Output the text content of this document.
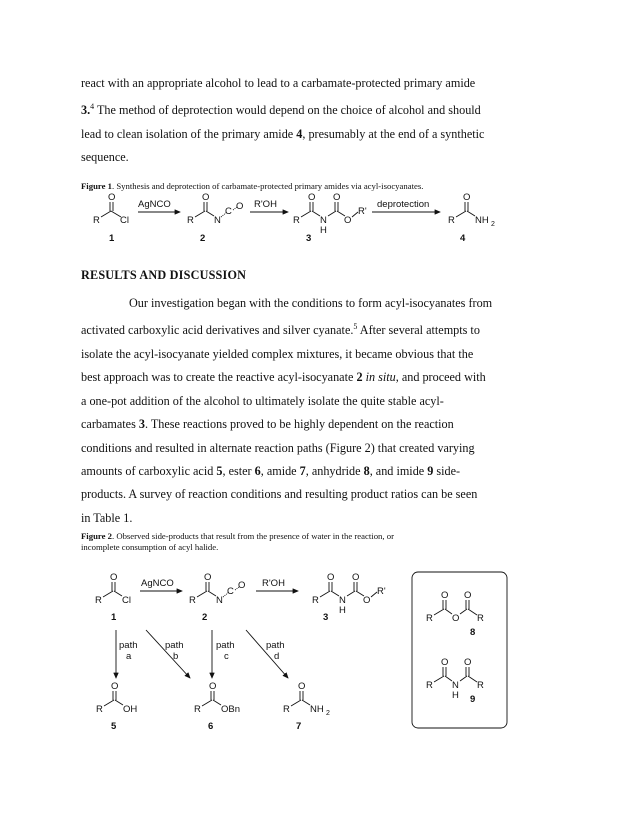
react with an appropriate alcohol to lead to a carbamate-protected primary amide
3.$^4$ The method of deprotection would depend on the choice of alcohol and should
lead to clean isolation of the primary amide 4, presumably at the end of a synthetic
sequence.
Figure 1. Synthesis and deprotection of carbamate-protected primary amides via acyl-isocyanates.
R
O
Cl
1
AgNCO
R
O
N
C O
2
R'OH
R
O
N
H
O
O
R'
3
deprotection
R
O
NH 2
4
RESULTS AND DISCUSSION
Our investigation began with the conditions to form acyl-isocyanates from
activated carboxylic acid derivatives and silver cyanate.$^5$ After several attempts to
isolate the acyl-isocyanate yielded complex mixtures, it became obvious that the
best approach was to create the reactive acyl-isocyanate 2 in situ, and proceed with
a one-pot addition of the alcohol to ultimately isolate the quite stable acyl-
carbamates 3. These reactions proved to be highly dependent on the reaction
conditions and resulted in alternate reaction paths (Figure 2) that created varying
amounts of carboxylic acid 5, ester 6, amide 7, anhydride 8, and imide 9 side-
products. A survey of reaction conditions and resulting product ratios can be seen
in Table 1.
Figure 2. Observed side-products that result from the presence of water in the reaction, or
incomplete consumption of acyl halide.
R
O
Cl
1
AgNCO
R
O
N
C
O
2
R'OH
R
O
N
H
O
O
R'
3
path
a
path
b
path
c
path
d
R
O
OH
5
R
O
OBn
6
R
O
NH 2
7
R
O
O
O
R
8
R
O
N
H
O
R
9
